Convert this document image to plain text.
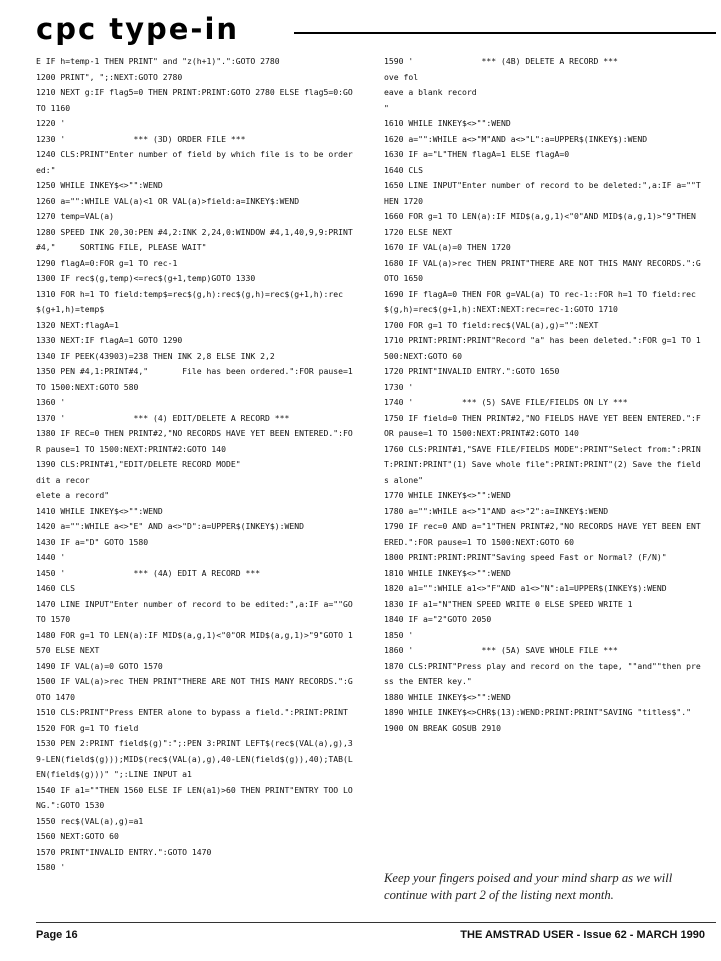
cpc type-in
E IF h=temp-1 THEN PRINT" and "z(h+1)".":GOTO 2780
1200 PRINT", ";:NEXT:GOTO 2780
1210 NEXT g:IF flag5=0 THEN PRINT:PRINT:GOTO 2780 ELSE flag5=0:GOTO 1160
1220 '
1230 '              *** (3D) ORDER FILE ***
1240 CLS:PRINT"Enter number of field by which file is to be ordered:"
1250 WHILE INKEY$<>"":WEND
1260 a="":WHILE VAL(a)<1 OR VAL(a)>field:a=INKEY$:WEND
1270 temp=VAL(a)
1280 SPEED INK 20,30:PEN #4,2:INK 2,24,0:WINDOW #4,1,40,9,9:PRINT#4,"     SORTING FILE, PLEASE WAIT"
1290 flagA=0:FOR g=1 TO rec-1
1300 IF rec$(g,temp)<=rec$(g+1,temp)GOTO 1330
1310 FOR h=1 TO field:temp$=rec$(g,h):rec$(g,h)=rec$(g+1,h):rec$(g+1,h)=temp$
1320 NEXT:flagA=1
1330 NEXT:IF flagA=1 GOTO 1290
1340 IF PEEK(43903)=238 THEN INK 2,8 ELSE INK 2,2
1350 PEN #4,1:PRINT#4,"       File has been ordered.":FOR pause=1 TO 1500:NEXT:GOTO 580
1360 '
1370 '              *** (4) EDIT/DELETE A RECORD ***
1380 IF REC=0 THEN PRINT#2,"NO RECORDS HAVE YET BEEN ENTERED.":FOR pause=1 TO 1500:NEXT:PRINT#2:GOTO 140
1390 CLS:PRINT#1,"EDIT/DELETE RECORD MODE"
dit a recor
elete a record"
1410 WHILE INKEY$<>"":WEND
1420 a="":WHILE a<>"E" AND a<>"D":a=UPPER$(INKEY$):WEND
1430 IF a="D" GOTO 1580
1440 '
1450 '              *** (4A) EDIT A RECORD ***
1460 CLS
1470 LINE INPUT"Enter number of record to be edited:",a:IF a=""GOTO 1570
1480 FOR g=1 TO LEN(a):IF MID$(a,g,1)<"0"OR MID$(a,g,1)>"9"GOTO 1570 ELSE NEXT
1490 IF VAL(a)=0 GOTO 1570
1500 IF VAL(a)>rec THEN PRINT"THERE ARE NOT THIS MANY RECORDS.":GOTO 1470
1510 CLS:PRINT"Press ENTER alone to bypass a field.":PRINT:PRINT
1520 FOR g=1 TO field
1530 PEN 2:PRINT field$(g)":";:PEN 3:PRINT LEFT$(rec$(VAL(a),g),39-LEN(field$(g)));MID$(rec$(VAL(a),g),40-LEN(field$(g)),40);TAB(LEN(field$(g)))" ";:LINE INPUT a1
1540 IF a1=""THEN 1560 ELSE IF LEN(a1)>60 THEN PRINT"ENTRY TOO LONG.":GOTO 1530
1550 rec$(VAL(a),g)=a1
1560 NEXT:GOTO 60
1570 PRINT"INVALID ENTRY.":GOTO 1470
1580 '
1590 '              *** (4B) DELETE A RECORD ***
ove fol
eave a blank record
"
1610 WHILE INKEY$<>"":WEND
1620 a="":WHILE a<>"M"AND a<>"L":a=UPPER$(INKEY$):WEND
1630 IF a="L"THEN flagA=1 ELSE flagA=0
1640 CLS
1650 LINE INPUT"Enter number of record to be deleted:",a:IF a=""THEN 1720
1660 FOR g=1 TO LEN(a):IF MID$(a,g,1)<"0"AND MID$(a,g,1)>"9"THEN 1720 ELSE NEXT
1670 IF VAL(a)=0 THEN 1720
1680 IF VAL(a)>rec THEN PRINT"THERE ARE NOT THIS MANY RECORDS.":GOTO 1650
1690 IF flagA=0 THEN FOR g=VAL(a) TO rec-1::FOR h=1 TO field:rec$(g,h)=rec$(g+1,h):NEXT:NEXT:rec=rec-1:GOTO 1710
1700 FOR g=1 TO field:rec$(VAL(a),g)="":NEXT
1710 PRINT:PRINT:PRINT"Record "a" has been deleted.":FOR g=1 TO 1500:NEXT:GOTO 60
1720 PRINT"INVALID ENTRY.":GOTO 1650
1730 '
1740 '          *** (5) SAVE FILE/FIELDS ON LY ***
1750 IF field=0 THEN PRINT#2,"NO FIELDS HAVE YET BEEN ENTERED.":FOR pause=1 TO 1500:NEXT:PRINT#2:GOTO 140
1760 CLS:PRINT#1,"SAVE FILE/FIELDS MODE":PRINT"Select from:":PRINT:PRINT:PRINT"(1) Save whole file":PRINT:PRINT"(2) Save the fields alone"
1770 WHILE INKEY$<>"":WEND
1780 a="":WHILE a<>"1"AND a<>"2":a=INKEY$:WEND
1790 IF rec=0 AND a="1"THEN PRINT#2,"NO RECORDS HAVE YET BEEN ENTERED.":FOR pause=1 TO 1500:NEXT:GOTO 60
1800 PRINT:PRINT:PRINT"Saving speed Fast or Normal? (F/N)"
1810 WHILE INKEY$<>"":WEND
1820 a1="":WHILE a1<>"F"AND a1<>"N":a1=UPPER$(INKEY$):WEND
1830 IF a1="N"THEN SPEED WRITE 0 ELSE SPEED WRITE 1
1840 IF a="2"GOTO 2050
1850 '
1860 '              *** (5A) SAVE WHOLE FILE ***
1870 CLS:PRINT"Press play and record on the tape, ""and""then press the ENTER key."
1880 WHILE INKEY$<>"":WEND
1890 WHILE INKEY$<>CHR$(13):WEND:PRINT:PRINT"SAVING "titles$"."
1900 ON BREAK GOSUB 2910
Keep your fingers poised and your mind sharp as we will continue with part 2 of the listing next month.
Page 16	THE AMSTRAD USER - Issue 62 - MARCH 1990
